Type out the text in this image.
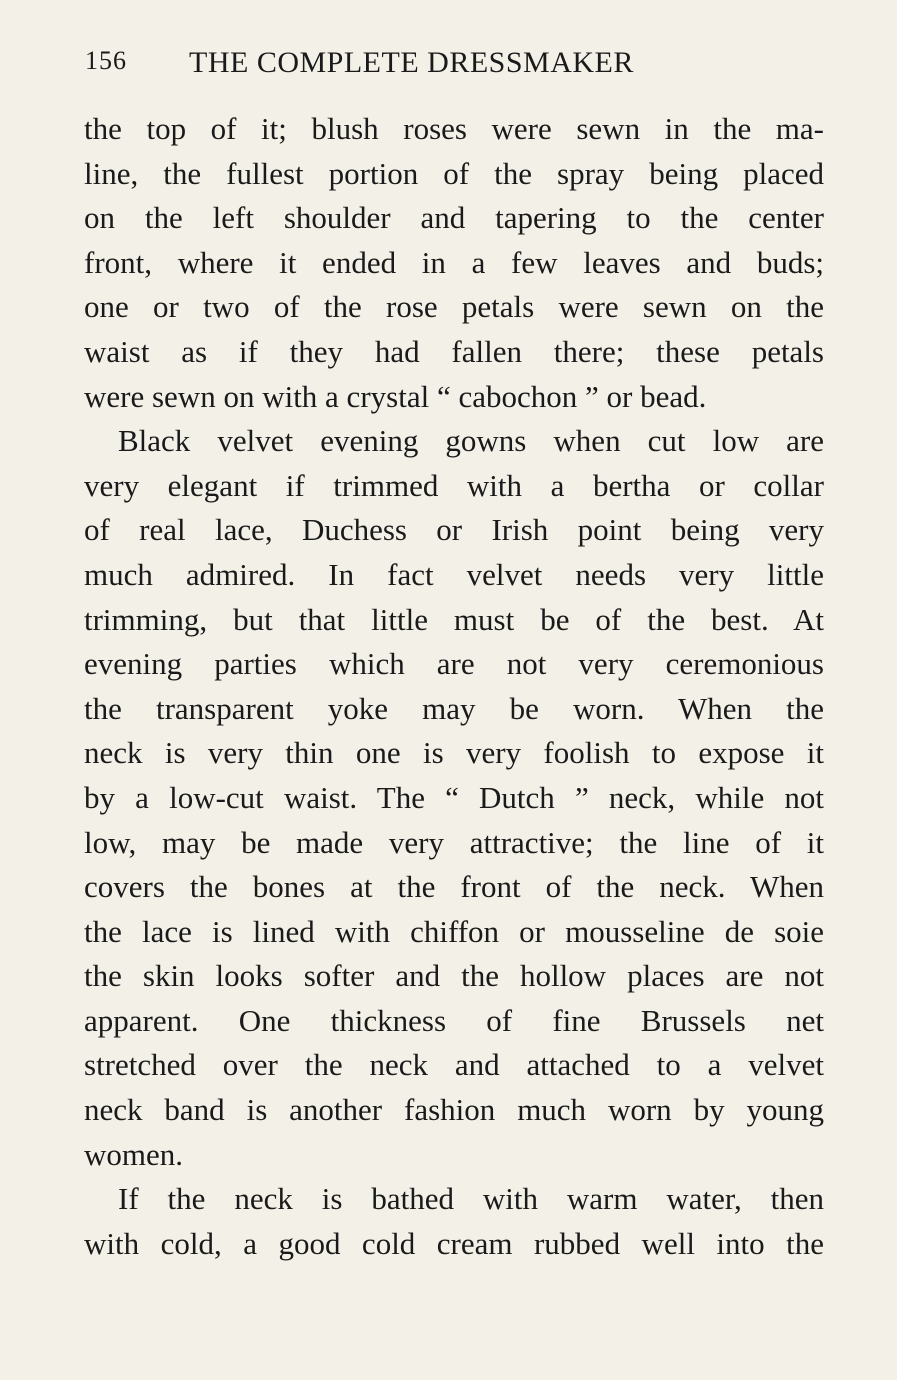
156 THE COMPLETE DRESSMAKER
the top of it; blush roses were sewn in the ma-
line, the fullest portion of the spray being placed
on the left shoulder and tapering to the center
front, where it ended in a few leaves and buds;
one or two of the rose petals were sewn on the
waist as if they had fallen there; these petals
were sewn on with a crystal “ cabochon ” or bead.
Black velvet evening gowns when cut low are
very elegant if trimmed with a bertha or collar
of real lace, Duchess or Irish point being very
much admired. In fact velvet needs very little
trimming, but that little must be of the best. At
evening parties which are not very ceremonious
the transparent yoke may be worn. When the
neck is very thin one is very foolish to expose it
by a low-cut waist. The “ Dutch ” neck, while not
low, may be made very attractive; the line of it
covers the bones at the front of the neck. When
the lace is lined with chiffon or mousseline de soie
the skin looks softer and the hollow places are not
apparent. One thickness of fine Brussels net
stretched over the neck and attached to a velvet
neck band is another fashion much worn by young
women.
If the neck is bathed with warm water, then
with cold, a good cold cream rubbed well into the
